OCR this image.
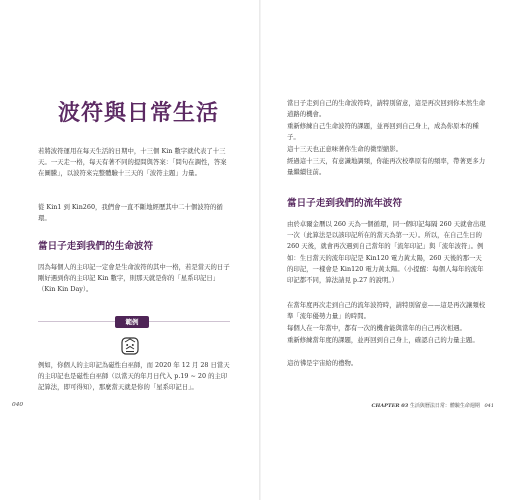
波符與日常生活
若將波符運用在每天生活的日期中，十三個 Kin 數字就代表了十三天。一天走一格，每天有著不同的提問與答案：「問句在調性，答案在圖騰」，以波符來完整體驗十三天的「波符主題」力量。
從 Kin1 到 Kin260，我們會一直不斷地經歷其中二十個波符的循環。
當日子走到我們的生命波符
因為每個人的主印記一定會是生命波符的其中一格，若是當天的日子剛好遇到你的主印記 Kin 數字，則那天就是你的「星系印記日」（Kin Kin Day）。
範例
例如，你個人的主印記為磁性白巫師，而 2020 年 12 月 28 日當天的主印記也是磁性白巫師（以當天的年月日代入 p.19 ~ 20 的主印記算法，即可得知），那麼當天就是你的「星系印記日」。
040
當日子走到自己的生命波符時，請特別留意，這是再次回到你本然生命道路的機會。
重新修練自己生命波符的課題，並再回到自己身上，成為你原本的種子。
這十三天也正意味著你生命的微型縮影。
經過這十三天，有意識地調頻，你能再次校準原有的頻率，帶著更多力量繼續往前。
當日子走到我們的流年波符
由於卓爾金曆以 260 天為一個循環，同一個印記每隔 260 天就會出現一次（此算法是以該印記所在的當天為第一天）。所以，在自己生日的 260 天後，就會再次遇到自己當年的「流年印記」與「流年波符」。例如：生日當天的流年印記是 Kin120 電力黃太陽，260 天後的那一天的印記，一樣會是 Kin120 電力黃太陽。（小提醒：每個人每年的流年印記都不同，算法請見 p.27 的說明。）
在當年度再次走到自己的流年波符時，請特別留意——這是再次讓頻校準「流年優勢力量」的時間。
每個人在一年當中，都有一次的機會能與當年的自己再次相遇。
重新修練當年度的課題，並再回到自己身上，確認自己的力量主題。
這彷彿是宇宙給的禮物。
CHAPTER 03 生活與曆法日常：體驗生命週期 041
